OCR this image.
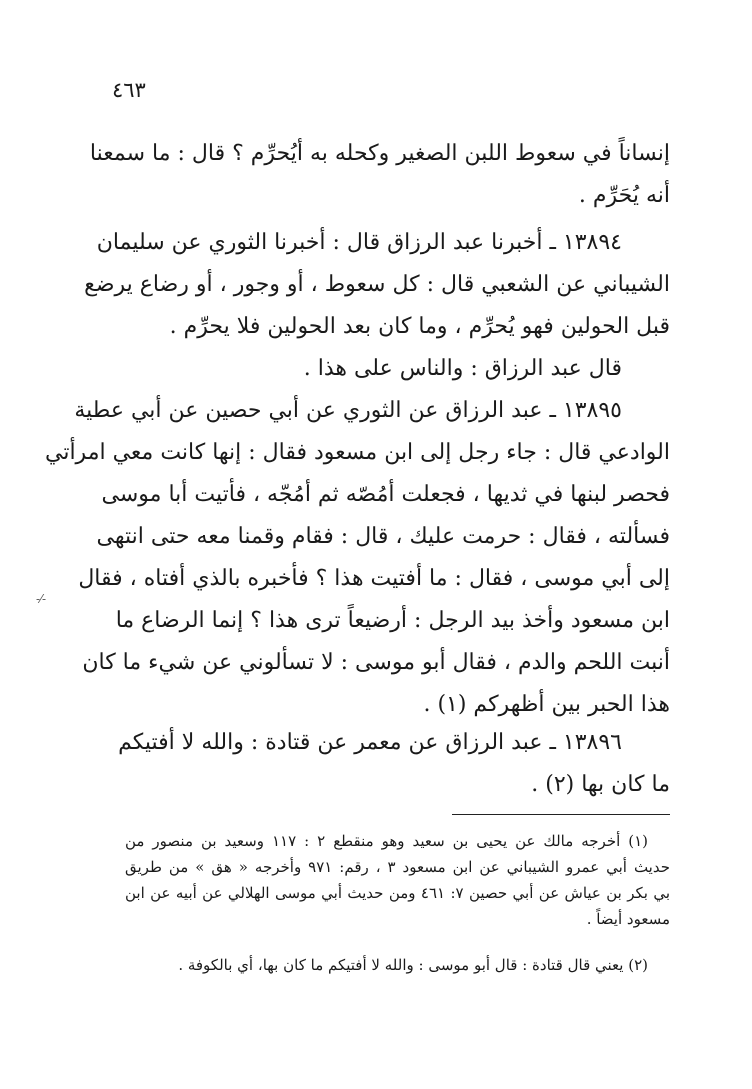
٤٦٣
إنساناً في سعوط اللبن الصغير وكحله به أيُحرِّم ؟ قال : ما سمعنا
أنه يُحَرِّم .
١٣٨٩٤ ـ أخبرنا عبد الرزاق قال : أخبرنا الثوري عن سليمان
الشيباني عن الشعبي قال : كل سعوط ، أو وجور ، أو رضاع يرضع
قبل الحولين فهو يُحرِّم ، وما كان بعد الحولين فلا يحرِّم .
قال عبد الرزاق : والناس على هذا .
١٣٨٩٥ ـ عبد الرزاق عن الثوري عن أبي حصين عن أبي عطية
الوادعي قال : جاء رجل إلى ابن مسعود فقال : إنها كانت معي امرأتي
فحصر لبنها في ثديها ، فجعلت أمُصّه ثم أمُجّه ، فأتيت أبا موسى
فسألته ، فقال : حرمت عليك ، قال : فقام وقمنا معه حتى انتهى
إلى أبي موسى ، فقال : ما أفتيت هذا ؟ فأخبره بالذي أفتاه ، فقال
ابن مسعود وأخذ بيد الرجل : أرضيعاً ترى هذا ؟ إنما الرضاع ما
أنبت اللحم والدم ، فقال أبو موسى : لا تسألوني عن شيء ما كان
هذا الحبر بين أظهركم (١) .
١٣٨٩٦ ـ عبد الرزاق عن معمر عن قتادة : والله لا أفتيكم
ما كان بها (٢) .
(١) أخرجه مالك عن يحيى بن سعيد وهو منقطع ٢ : ١١٧ وسعيد بن منصور من
حديث أبي عمرو الشيباني عن ابن مسعود ٣ ، رقم: ٩٧١ وأخرجه « هق » من طريق
بي بكر بن عياش عن أبي حصين ٧: ٤٦١ ومن حديث أبي موسى الهلالي عن أبيه عن ابن
مسعود أيضاً .
(٢) يعني قال قتادة : قال أبو موسى : والله لا أفتيكم ما كان بها، أي بالكوفة .
-⁄-
